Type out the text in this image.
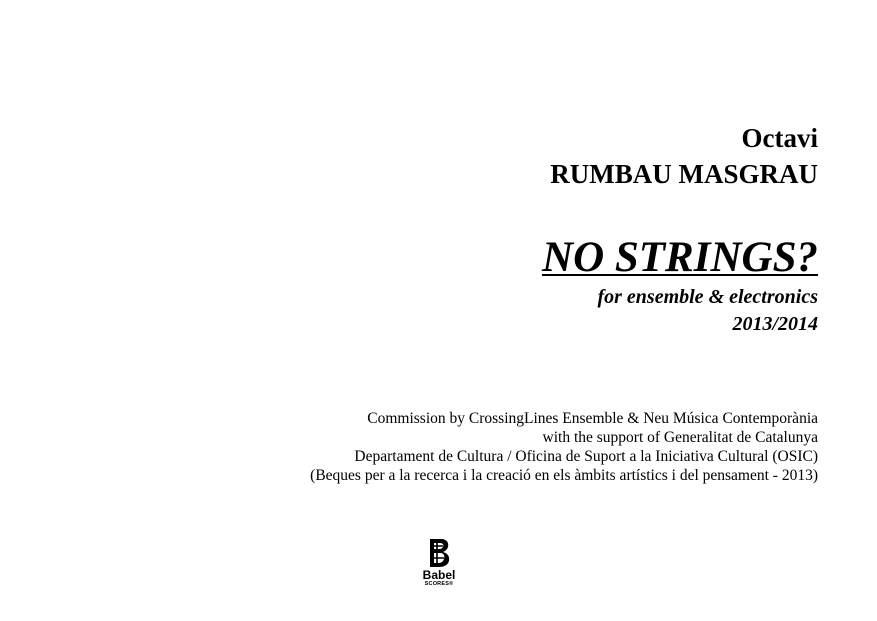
Octavi
RUMBAU MASGRAU
NO STRINGS?
for ensemble & electronics
2013/2014
Commission by CrossingLines Ensemble & Neu Música Contemporània
with the support of Generalitat de Catalunya
Departament de Cultura / Oficina de Suport a la Iniciativa Cultural (OSIC)
(Beques per a la recerca i la creació en els àmbits artístics i del pensament - 2013)
Babel
SCORES®
